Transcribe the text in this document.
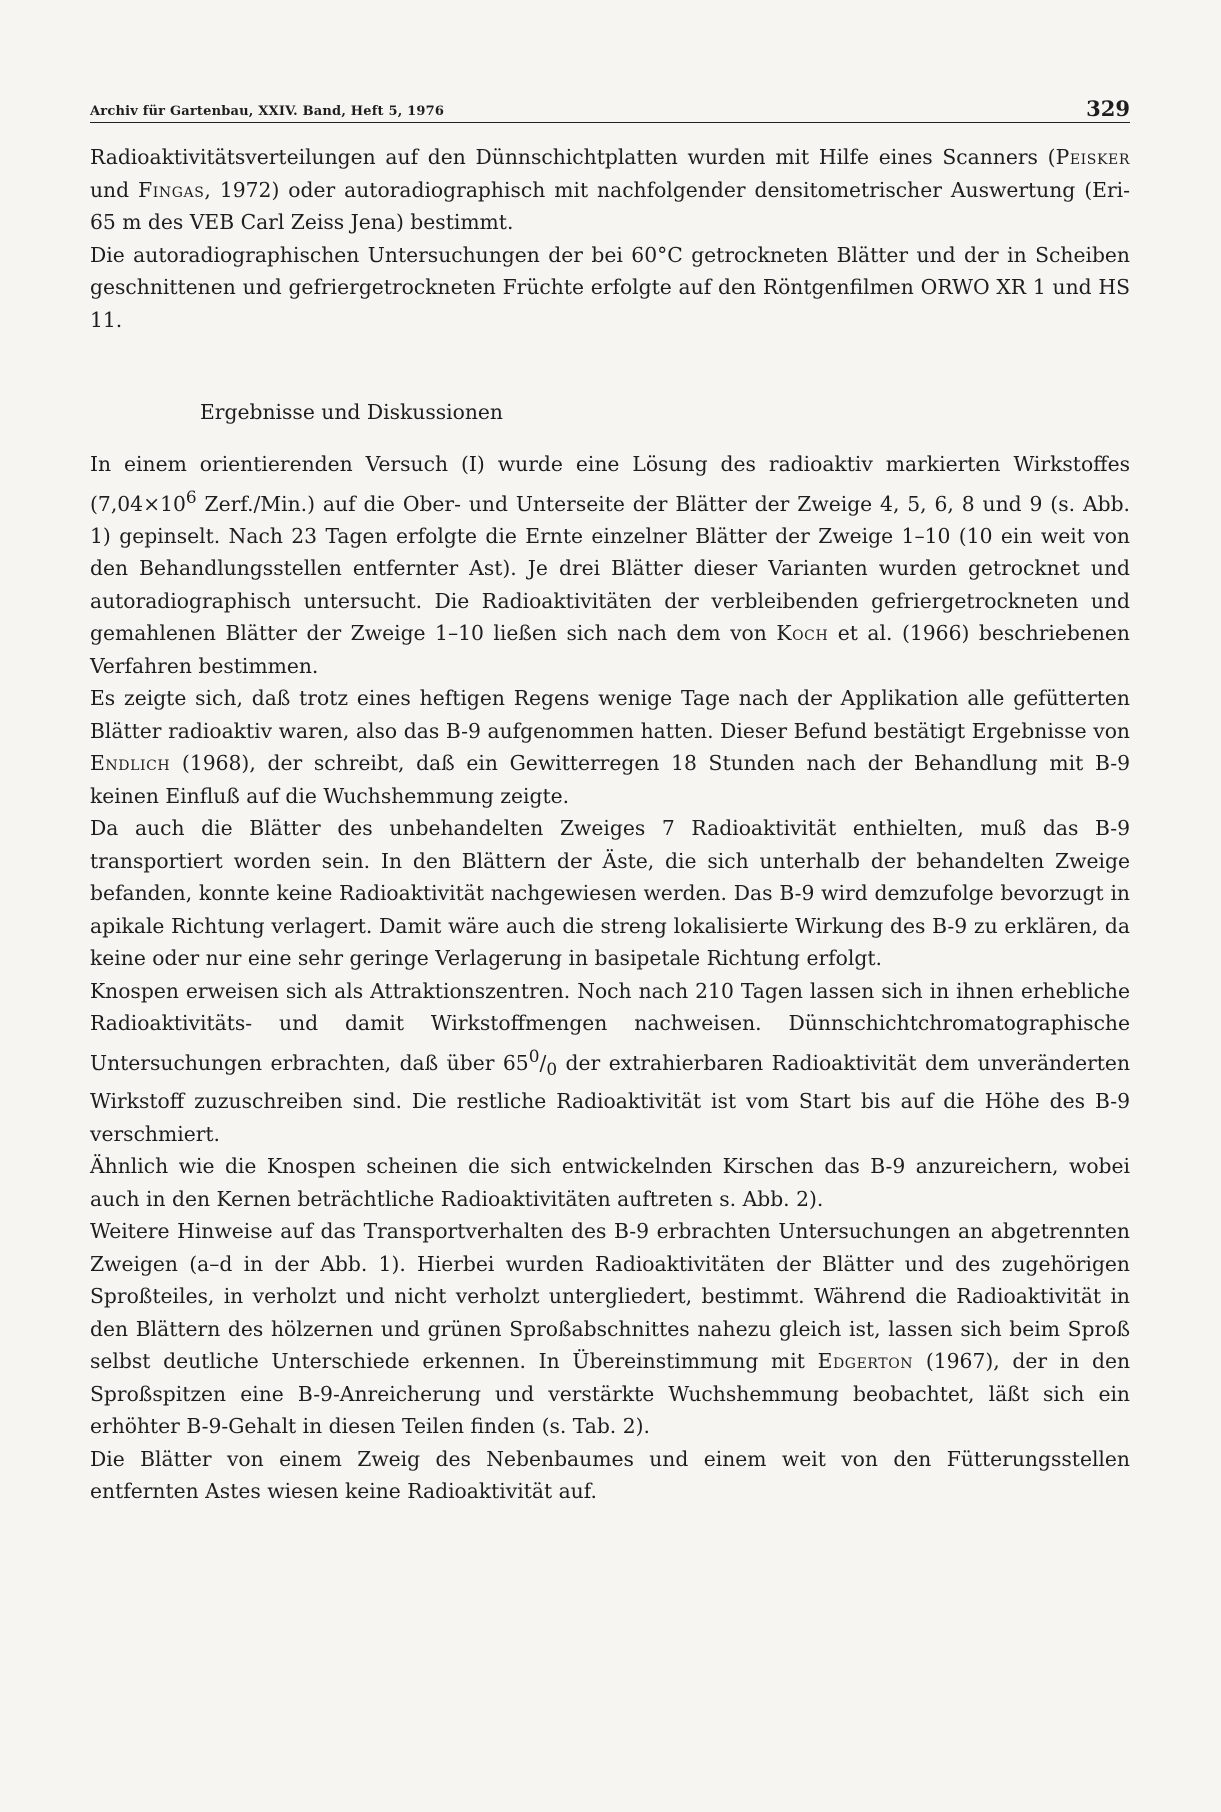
Archiv für Gartenbau, XXIV. Band, Heft 5, 1976	329

Radioaktivitätsverteilungen auf den Dünnschichtplatten wurden mit Hilfe eines Scanners (Peisker und Fingas, 1972) oder autoradiographisch mit nachfolgender densitometrischer Auswertung (Eri-65 m des VEB Carl Zeiss Jena) bestimmt.

Die autoradiographischen Untersuchungen der bei 60°C getrockneten Blätter und der in Scheiben geschnittenen und gefriergetrockneten Früchte erfolgte auf den Röntgenfilmen ORWO XR 1 und HS 11.

Ergebnisse und Diskussionen

In einem orientierenden Versuch (I) wurde eine Lösung des radioaktiv markierten Wirkstoffes ($7,04\times 10^6$ Zerf./Min.) auf die Ober- und Unterseite der Blätter der Zweige 4, 5, 6, 8 und 9 (s. Abb. 1) gepinselt. Nach 23 Tagen erfolgte die Ernte einzelner Blätter der Zweige 1–10 (10 ein weit von den Behandlungsstellen entfernter Ast). Je drei Blätter dieser Varianten wurden getrocknet und autoradiographisch untersucht. Die Radioaktivitäten der verbleibenden gefriergetrockneten und gemahlenen Blätter der Zweige 1–10 ließen sich nach dem von Koch et al. (1966) beschriebenen Verfahren bestimmen.

Es zeigte sich, daß trotz eines heftigen Regens wenige Tage nach der Applikation alle gefütterten Blätter radioaktiv waren, also das B-9 aufgenommen hatten. Dieser Befund bestätigt Ergebnisse von Endlich (1968), der schreibt, daß ein Gewitterregen 18 Stunden nach der Behandlung mit B-9 keinen Einfluß auf die Wuchshemmung zeigte.

Da auch die Blätter des unbehandelten Zweiges 7 Radioaktivität enthielten, muß das B-9 transportiert worden sein. In den Blättern der Äste, die sich unterhalb der behandelten Zweige befanden, konnte keine Radioaktivität nachgewiesen werden. Das B-9 wird demzufolge bevorzugt in apikale Richtung verlagert. Damit wäre auch die streng lokalisierte Wirkung des B-9 zu erklären, da keine oder nur eine sehr geringe Verlagerung in basipetale Richtung erfolgt.

Knospen erweisen sich als Attraktionszentren. Noch nach 210 Tagen lassen sich in ihnen erhebliche Radioaktivitäts- und damit Wirkstoffmengen nachweisen. Dünnschichtchromatographische Untersuchungen erbrachten, daß über $65^0/_0$ der extrahierbaren Radioaktivität dem unveränderten Wirkstoff zuzuschreiben sind. Die restliche Radioaktivität ist vom Start bis auf die Höhe des B-9 verschmiert.

Ähnlich wie die Knospen scheinen die sich entwickelnden Kirschen das B-9 anzureichern, wobei auch in den Kernen beträchtliche Radioaktivitäten auftreten s. Abb. 2).

Weitere Hinweise auf das Transportverhalten des B-9 erbrachten Untersuchungen an abgetrennten Zweigen (a–d in der Abb. 1). Hierbei wurden Radioaktivitäten der Blätter und des zugehörigen Sproßteiles, in verholzt und nicht verholzt untergliedert, bestimmt. Während die Radioaktivität in den Blättern des hölzernen und grünen Sproßabschnittes nahezu gleich ist, lassen sich beim Sproß selbst deutliche Unterschiede erkennen. In Übereinstimmung mit Edgerton (1967), der in den Sproßspitzen eine B-9-Anreicherung und verstärkte Wuchshemmung beobachtet, läßt sich ein erhöhter B-9-Gehalt in diesen Teilen finden (s. Tab. 2).

Die Blätter von einem Zweig des Nebenbaumes und einem weit von den Fütterungsstellen entfernten Astes wiesen keine Radioaktivität auf.
